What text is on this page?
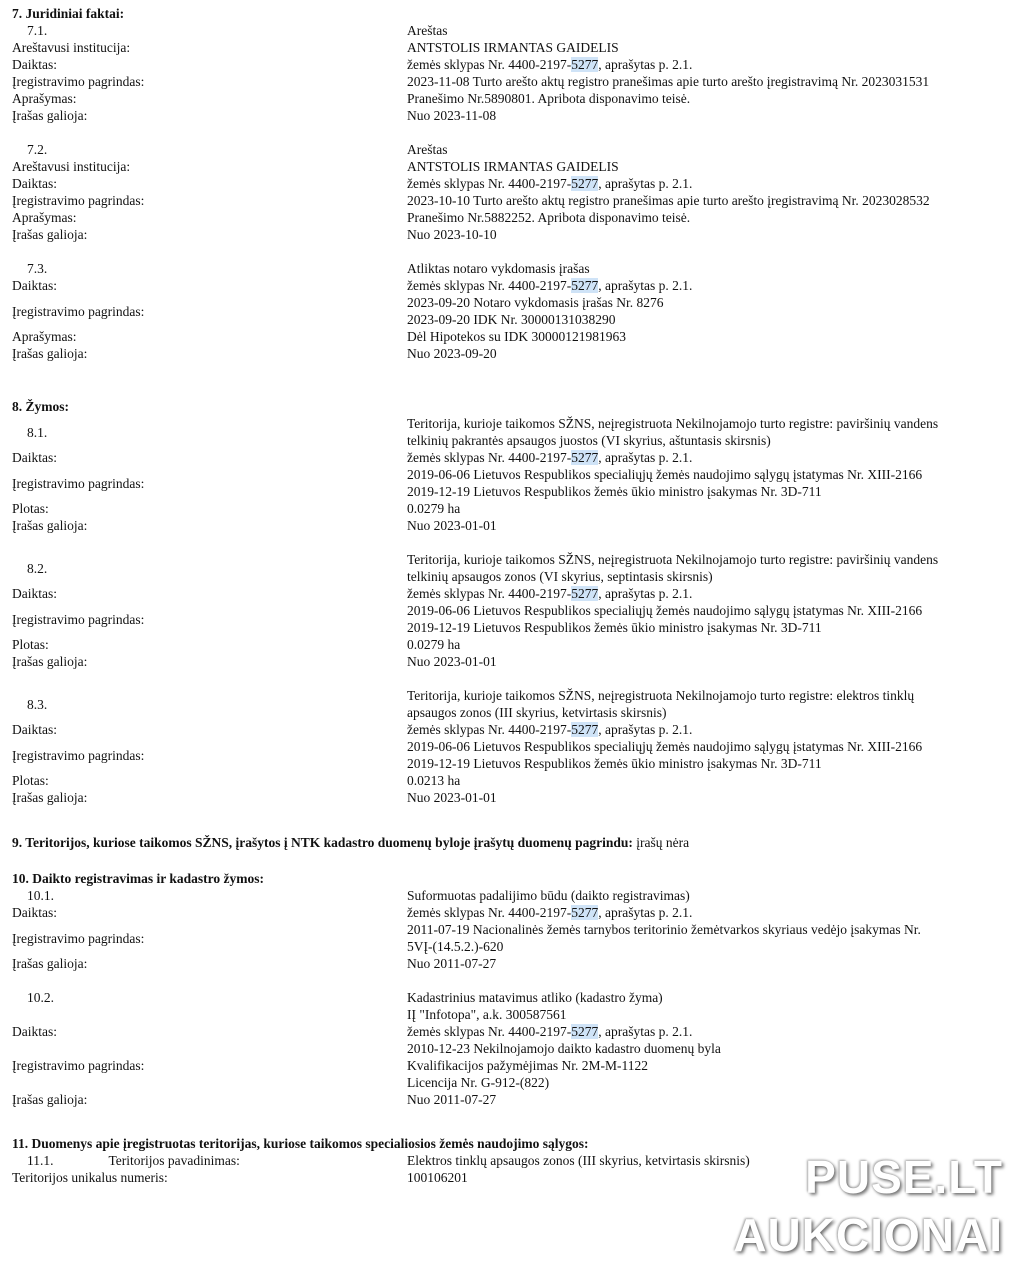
7. Juridiniai faktai:
7.1.	Areštas
Areštavusi institucija:	ANTSTOLIS IRMANTAS GAIDELIS
Daiktas:	žemės sklypas Nr. 4400-2197-5277, aprašytas p. 2.1.
Įregistravimo pagrindas:	2023-11-08 Turto arešto aktų registro pranešimas apie turto arešto įregistravimą Nr. 2023031531
Aprašymas:	Pranešimo Nr.5890801. Apribota disponavimo teisė.
Įrašas galioja:	Nuo 2023-11-08
7.2.	Areštas
Areštavusi institucija:	ANTSTOLIS IRMANTAS GAIDELIS
Daiktas:	žemės sklypas Nr. 4400-2197-5277, aprašytas p. 2.1.
Įregistravimo pagrindas:	2023-10-10 Turto arešto aktų registro pranešimas apie turto arešto įregistravimą Nr. 2023028532
Aprašymas:	Pranešimo Nr.5882252. Apribota disponavimo teisė.
Įrašas galioja:	Nuo 2023-10-10
7.3.	Atliktas notaro vykdomasis įrašas
Daiktas:	žemės sklypas Nr. 4400-2197-5277, aprašytas p. 2.1.
Įregistravimo pagrindas:
2023-09-20 Notaro vykdomasis įrašas Nr. 8276
2023-09-20 IDK Nr. 30000131038290
Aprašymas:	Dėl Hipotekos su IDK 30000121981963
Įrašas galioja:	Nuo 2023-09-20
8. Žymos:
8.1.
Teritorija, kurioje taikomos SŽNS, neįregistruota Nekilnojamojo turto registre: paviršinių vandens
telkinių pakrantės apsaugos juostos (VI skyrius, aštuntasis skirsnis)
Daiktas:	žemės sklypas Nr. 4400-2197-5277, aprašytas p. 2.1.
Įregistravimo pagrindas:
2019-06-06 Lietuvos Respublikos specialiųjų žemės naudojimo sąlygų įstatymas Nr. XIII-2166
2019-12-19 Lietuvos Respublikos žemės ūkio ministro įsakymas Nr. 3D-711
Plotas:	0.0279 ha
Įrašas galioja:	Nuo 2023-01-01
8.2.
Teritorija, kurioje taikomos SŽNS, neįregistruota Nekilnojamojo turto registre: paviršinių vandens
telkinių apsaugos zonos (VI skyrius, septintasis skirsnis)
Daiktas:	žemės sklypas Nr. 4400-2197-5277, aprašytas p. 2.1.
Įregistravimo pagrindas:
2019-06-06 Lietuvos Respublikos specialiųjų žemės naudojimo sąlygų įstatymas Nr. XIII-2166
2019-12-19 Lietuvos Respublikos žemės ūkio ministro įsakymas Nr. 3D-711
Plotas:	0.0279 ha
Įrašas galioja:	Nuo 2023-01-01
8.3.
Teritorija, kurioje taikomos SŽNS, neįregistruota Nekilnojamojo turto registre: elektros tinklų
apsaugos zonos (III skyrius, ketvirtasis skirsnis)
Daiktas:	žemės sklypas Nr. 4400-2197-5277, aprašytas p. 2.1.
Įregistravimo pagrindas:
2019-06-06 Lietuvos Respublikos specialiųjų žemės naudojimo sąlygų įstatymas Nr. XIII-2166
2019-12-19 Lietuvos Respublikos žemės ūkio ministro įsakymas Nr. 3D-711
Plotas:	0.0213 ha
Įrašas galioja:	Nuo 2023-01-01
9. Teritorijos, kuriose taikomos SŽNS, įrašytos į NTK kadastro duomenų byloje įrašytų duomenų pagrindu: įrašų nėra
10. Daikto registravimas ir kadastro žymos:
10.1.	Suformuotas padalijimo būdu (daikto registravimas)
Daiktas:	žemės sklypas Nr. 4400-2197-5277, aprašytas p. 2.1.
Įregistravimo pagrindas:
2011-07-19 Nacionalinės žemės tarnybos teritorinio žemėtvarkos skyriaus vedėjo įsakymas Nr.
5VĮ-(14.5.2.)-620
Įrašas galioja:	Nuo 2011-07-27
10.2.	Kadastrinius matavimus atliko (kadastro žyma)
IĮ "Infotopa", a.k. 300587561
Daiktas:	žemės sklypas Nr. 4400-2197-5277, aprašytas p. 2.1.
Įregistravimo pagrindas:
2010-12-23 Nekilnojamojo daikto kadastro duomenų byla
Kvalifikacijos pažymėjimas Nr. 2M-M-1122
Licencija Nr. G-912-(822)
Įrašas galioja:	Nuo 2011-07-27
11. Duomenys apie įregistruotas teritorijas, kuriose taikomos specialiosios žemės naudojimo sąlygos:
11.1.	Teritorijos pavadinimas:	Elektros tinklų apsaugos zonos (III skyrius, ketvirtasis skirsnis)
Teritorijos unikalus numeris:	100106201	PUSE.LT
AUKCIONAI
